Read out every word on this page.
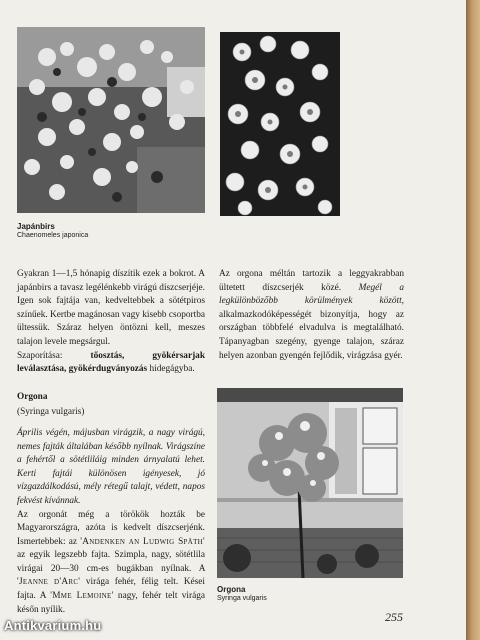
Japánbirs
Chaenomeles japonica

Gyakran 1—1,5 hónapig díszítik ezek a bokrot. A japánbirs a tavasz legélénkebb virágú díszcserjéje. Igen sok fajtája van, kedveltebbek a sötétpiros színűek. Kertbe magánosan vagy kisebb csoportba ültessük. Száraz helyen öntözni kell, meszes talajon levele megsárgul.

Szaporítása:	tőosztás, gyökérsarjak leválasztása, gyökérdugványozás hidegágyba.

Orgona

(Syringa vulgaris)

Április végén, májusban virágzik, a nagy virágú, nemes fajták általában később nyílnak. Virágszíne a fehértől a sötétliláig minden árnyalatú lehet. Kerti fajtái különösen igényesek, jó vízgazdálkodású, mély rétegű talajt, védett, napos fekvést kívánnak.

Az orgonát még a törökök hozták be Magyarországra, azóta is kedvelt díszcserjénk. Ismertebbek: az 'Andenken an Ludwig Späth' az egyik legszebb fajta. Szimpla, nagy, sötétlila virágai 20—30 cm-es bugákban nyílnak. A 'Jeanne d'Arc' virága fehér, félig telt. Kései fajta. A 'Mme Lemoine' nagy, fehér telt virága későn nyílik.

Az orgona méltán tartozik a leggyakrabban ültetett díszcserjék közé. Megél a legkülönbözőbb körülmények között, alkalmazkodóképességét bizonyítja, hogy az országban többfelé elvadulva is megtalálható. Tápanyagban szegény, gyenge talajon, száraz helyen azonban gyengén fejlődik, virágzása gyér.

Orgona
Syringa vulgaris
255
Antikvarium.hu
